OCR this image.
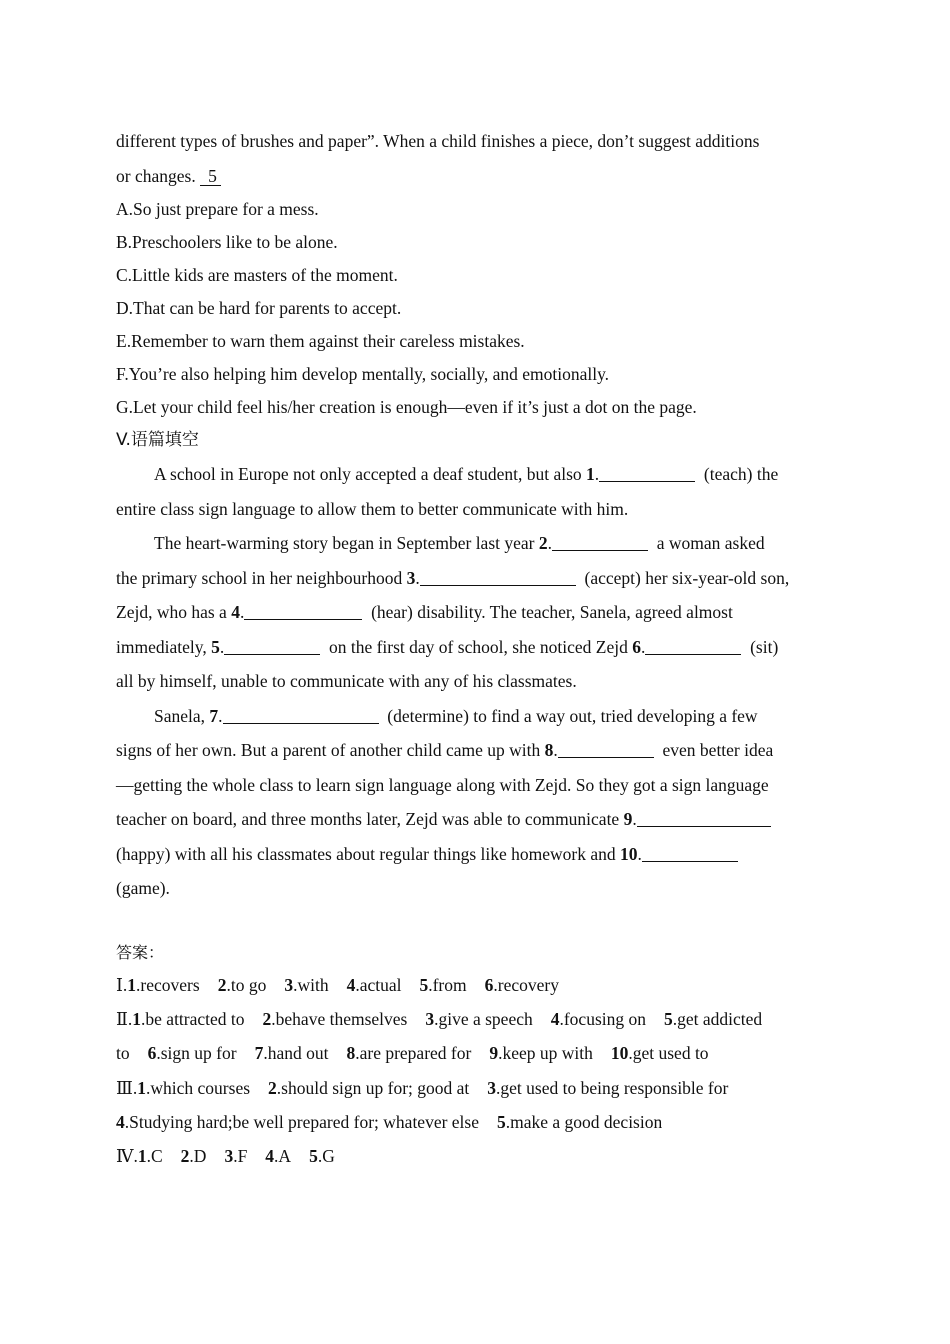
different types of brushes and paper”. When a child finishes a piece, don’t suggest additions
or changes. 5
A.So just prepare for a mess.
B.Preschoolers like to be alone.
C.Little kids are masters of the moment.
D.That can be hard for parents to accept.
E.Remember to warn them against their careless mistakes.
F.You’re also helping him develop mentally, socially, and emotionally.
G.Let your child feel his/her creation is enough—even if it’s just a dot on the page.
V.语篇填空
A school in Europe not only accepted a deaf student, but also 1.	(teach) the
entire class sign language to allow them to better communicate with him.
The heart-warming story began in September last year 2.	a woman asked
the primary school in her neighbourhood 3.	(accept) her six-year-old son,
Zejd, who has a 4.	(hear) disability. The teacher, Sanela, agreed almost
immediately, 5.	on the first day of school, she noticed Zejd 6.	(sit)
all by himself, unable to communicate with any of his classmates.
Sanela, 7.	(determine) to find a way out, tried developing a few
signs of her own. But a parent of another child came up with 8.	even better idea
—getting the whole class to learn sign language along with Zejd. So they got a sign language
teacher on board, and three months later, Zejd was able to communicate 9.
(happy) with all his classmates about regular things like homework and 10.
(game).
答案：
Ⅰ.1.recovers 2.to go 3.with 4.actual 5.from 6.recovery
Ⅱ.1.be attracted to 2.behave themselves 3.give a speech 4.focusing on 5.get addicted
to 6.sign up for 7.hand out 8.are prepared for 9.keep up with 10.get used to
Ⅲ.1.which courses 2.should sign up for; good at 3.get used to being responsible for
4.Studying hard;be well prepared for; whatever else 5.make a good decision
Ⅳ.1.C 2.D 3.F 4.A 5.G
